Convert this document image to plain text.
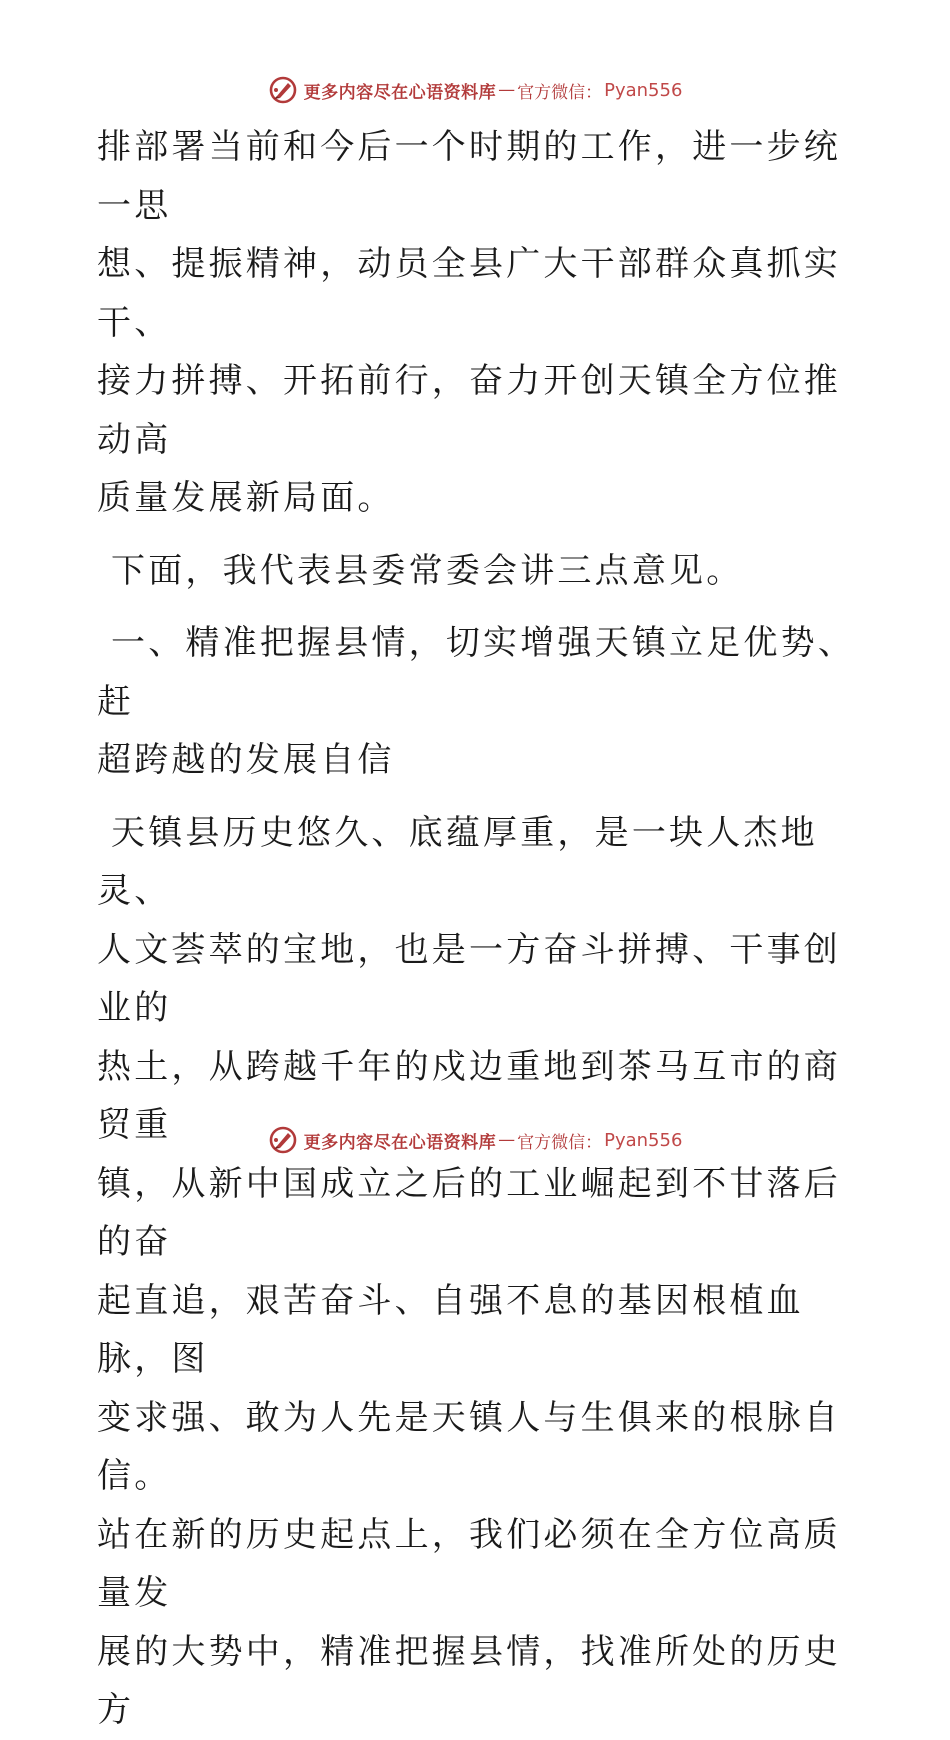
更多内容尽在心语资料库 — 官方微信： Pyan556
排部署当前和今后一个时期的工作，进一步统一思
想、提振精神，动员全县广大干部群众真抓实干、
接力拼搏、开拓前行，奋力开创天镇全方位推动高
质量发展新局面。
下面，我代表县委常委会讲三点意见。
一、精准把握县情，切实增强天镇立足优势、赶
超跨越的发展自信
天镇县历史悠久、底蕴厚重，是一块人杰地灵、
人文荟萃的宝地，也是一方奋斗拼搏、干事创业的
热土，从跨越千年的戍边重地到茶马互市的商贸重
镇，从新中国成立之后的工业崛起到不甘落后的奋
起直追，艰苦奋斗、自强不息的基因根植血脉，图
变求强、敢为人先是天镇人与生俱来的根脉自信。
站在新的历史起点上，我们必须在全方位高质量发
展的大势中，精准把握县情，找准所处的历史方
更多内容尽在心语资料库 — 官方微信： Pyan556
